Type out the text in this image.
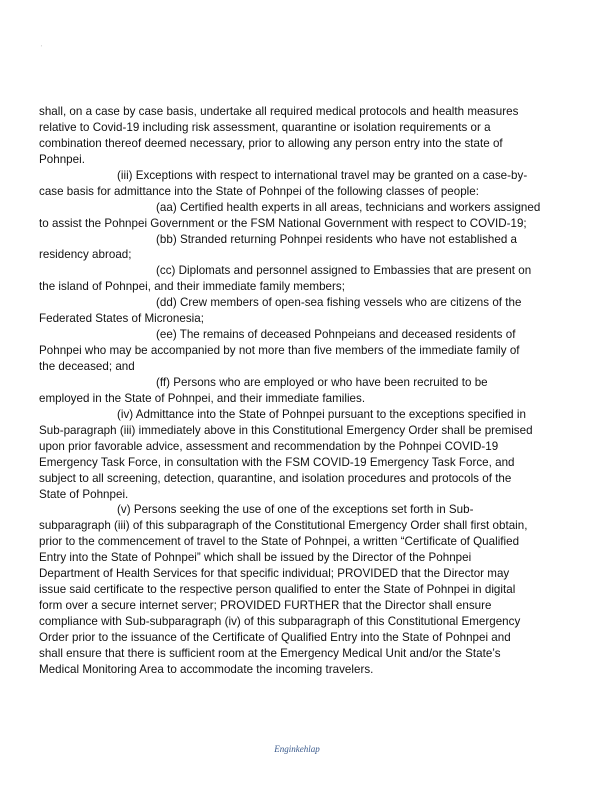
ʾ
shall, on a case by case basis, undertake all required medical protocols and health measures
relative to Covid-19 including risk assessment, quarantine or isolation requirements or a
combination thereof deemed necessary, prior to allowing any person entry into the state of
Pohnpei.
(iii) Exceptions with respect to international travel may be granted on a case-by-
case basis for admittance into the State of Pohnpei of the following classes of people:
(aa) Certified health experts in all areas, technicians and workers assigned
to assist the Pohnpei Government or the FSM National Government with respect to COVID-19;
(bb) Stranded returning Pohnpei residents who have not established a
residency abroad;
(cc) Diplomats and personnel assigned to Embassies that are present on
the island of Pohnpei, and their immediate family members;
(dd) Crew members of open-sea fishing vessels who are citizens of the
Federated States of Micronesia;
(ee) The remains of deceased Pohnpeians and deceased residents of
Pohnpei who may be accompanied by not more than five members of the immediate family of
the deceased; and
(ff) Persons who are employed or who have been recruited to be
employed in the State of Pohnpei, and their immediate families.
(iv) Admittance into the State of Pohnpei pursuant to the exceptions specified in
Sub-paragraph (iii) immediately above in this Constitutional Emergency Order shall be premised
upon prior favorable advice, assessment and recommendation by the Pohnpei COVID-19
Emergency Task Force, in consultation with the FSM COVID-19 Emergency Task Force, and
subject to all screening, detection, quarantine, and isolation procedures and protocols of the
State of Pohnpei.
(v) Persons seeking the use of one of the exceptions set forth in Sub-
subparagraph (iii) of this subparagraph of the Constitutional Emergency Order shall first obtain,
prior to the commencement of travel to the State of Pohnpei, a written “Certificate of Qualified
Entry into the State of Pohnpei” which shall be issued by the Director of the Pohnpei
Department of Health Services for that specific individual; PROVIDED that the Director may
issue said certificate to the respective person qualified to enter the State of Pohnpei in digital
form over a secure internet server; PROVIDED FURTHER that the Director shall ensure
compliance with Sub-subparagraph (iv) of this subparagraph of this Constitutional Emergency
Order prior to the issuance of the Certificate of Qualified Entry into the State of Pohnpei and
shall ensure that there is sufficient room at the Emergency Medical Unit and/or the State’s
Medical Monitoring Area to accommodate the incoming travelers.
Enginkehlap
